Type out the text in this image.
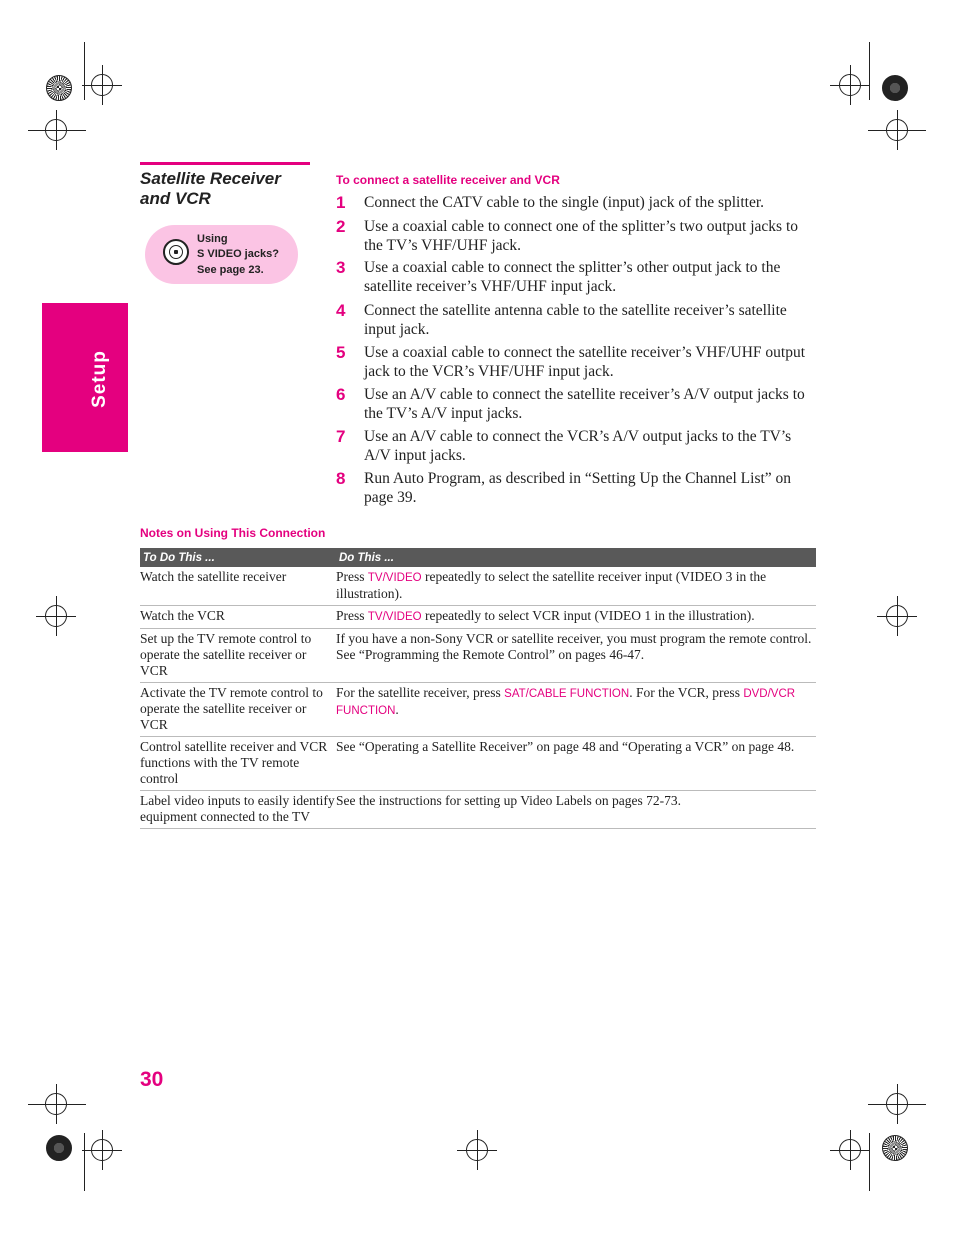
Setup
Satellite Receiver
and VCR
Using
S VIDEO jacks?
See page 23.
To connect a satellite receiver and VCR
1 Connect the CATV cable to the single (input) jack of the splitter.
2 Use a coaxial cable to connect one of the splitter’s two output jacks to the TV’s VHF/UHF jack.
3 Use a coaxial cable to connect the splitter’s other output jack to the satellite receiver’s VHF/UHF input jack.
4 Connect the satellite antenna cable to the satellite receiver’s satellite input jack.
5 Use a coaxial cable to connect the satellite receiver’s VHF/UHF output jack to the VCR’s VHF/UHF input jack.
6 Use an A/V cable to connect the satellite receiver’s A/V output jacks to the TV’s A/V input jacks.
7 Use an A/V cable to connect the VCR’s A/V output jacks to the TV’s A/V input jacks.
8 Run Auto Program, as described in “Setting Up the Channel List” on page 39.
Notes on Using This Connection
To Do This ...	Do This ...
Watch the satellite receiver	Press TV/VIDEO repeatedly to select the satellite receiver input (VIDEO 3 in the illustration).
Watch the VCR	Press TV/VIDEO repeatedly to select VCR input (VIDEO 1 in the illustration).
Set up the TV remote control to operate the satellite receiver or VCR	If you have a non-Sony VCR or satellite receiver, you must program the remote control. See “Programming the Remote Control” on pages 46-47.
Activate the TV remote control to operate the satellite receiver or VCR	For the satellite receiver, press SAT/CABLE FUNCTION. For the VCR, press DVD/VCR FUNCTION.
Control satellite receiver and VCR functions with the TV remote control	See “Operating a Satellite Receiver” on page 48 and “Operating a VCR” on page 48.
Label video inputs to easily identify equipment connected to the TV	See the instructions for setting up Video Labels on pages 72-73.
30
